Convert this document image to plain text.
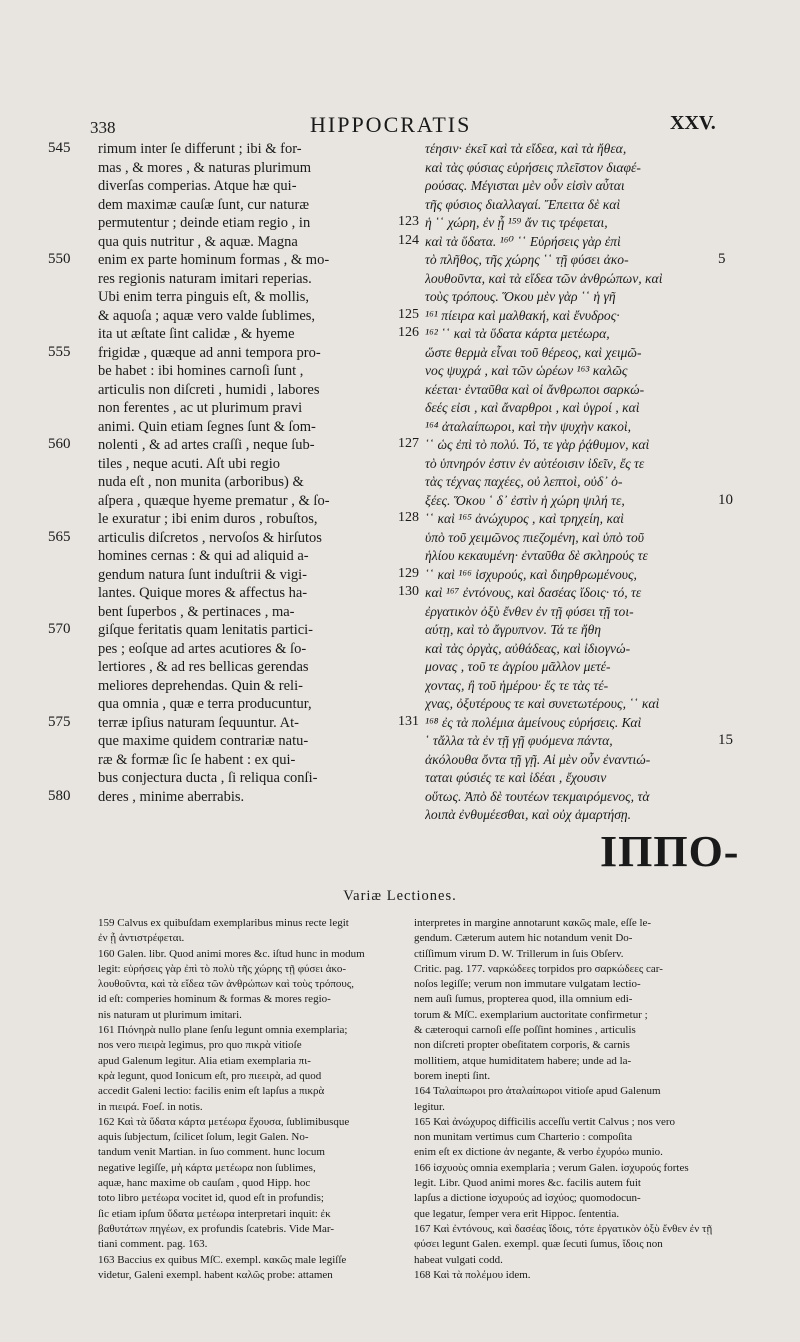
338	HIPPOCRATIS	XXV.
rimum inter ſe differunt ; ibi & for-
mas , & mores , & naturas plurimum
diverſas comperias. Atque hæ qui-
dem maximæ cauſæ ſunt, cur naturæ
permutentur ; deinde etiam regio , in
qua quis nutritur , & aquæ. Magna
enim ex parte hominum formas , & mo-
res regionis naturam imitari reperias.
Ubi enim terra pinguis eſt, & mollis,
& aquoſa ; aquæ vero valde ſublimes,
ita ut æſtate ſint calidæ , & hyeme
frigidæ , quæque ad anni tempora pro-
be habet : ibi homines carnoſi ſunt ,
articulis non diſcreti , humidi , labores
non ferentes , ac ut plurimum pravi
animi. Quin etiam ſegnes ſunt & ſom-
nolenti , & ad artes craſſi , neque ſub-
tiles , neque acuti. Aſt ubi regio
nuda eſt , non munita (arboribus) &
aſpera , quæque hyeme prematur , & ſo-
le exuratur ; ibi enim duros , robuſtos,
articulis diſcretos , nervoſos & hirſutos
homines cernas : & qui ad aliquid a-
gendum natura ſunt induſtrii & vigi-
lantes. Quique mores & affectus ha-
bent ſuperbos , & pertinaces , ma-
giſque feritatis quam lenitatis partici-
pes ; eoſque ad artes acutiores & ſo-
lertiores , & ad res bellicas gerendas
meliores deprehendas. Quin & reli-
qua omnia , quæ e terra producuntur,
terræ ipſius naturam ſequuntur. At-
que maxime quidem contrariæ natu-
ræ & formæ ſic ſe habent : ex qui-
bus conjectura ducta , ſi reliqua conſi-
deres , minime aberrabis.
τέησιν· ἐκεῖ καὶ τὰ εἴδεα, καὶ τὰ ἤθεα,
καὶ τὰς φύσιας εὑρήσεις πλεῖστον διαφέ-
ρούσας. Μέγισται μὲν οὖν εἰσὶν αὗται
τῆς φύσιος διαλλαγαί. Ἔπειτα δὲ καὶ
ἡ ῾῾ χώρη, ἐν ᾗ ¹⁵⁹ ἄν τις τρέφεται,
καὶ τὰ ὕδατα. ¹⁶⁰ ῾῾ Εὑρήσεις γὰρ ἐπὶ
τὸ πλῆθος, τῆς χώρης ῾῾ τῇ φύσει ἀκο-
λουθοῦντα, καὶ τὰ εἴδεα τῶν ἀνθρώπων, καὶ
τοὺς τρόπους. Ὅκου μὲν γὰρ ῾῾ ἡ γῆ
¹⁶¹ πίειρα καὶ μαλθακή, καὶ ἔνυδρος·
¹⁶² ῾῾ καὶ τὰ ὕδατα κάρτα μετέωρα,
ὥστε θερμὰ εἶναι τοῦ θέρεος, καὶ χειμῶ-
νος ψυχρά , καὶ τῶν ὡρέων ¹⁶³ καλῶς
κέεται· ἐνταῦθα καὶ οἱ ἄνθρωποι σαρκώ-
δεές εἰσι , καὶ ἄναρθροι , καὶ ὑγροί , καὶ
¹⁶⁴ ἀταλαίπωροι, καὶ τὴν ψυχὴν κακοὶ,
῾῾ ὡς ἐπὶ τὸ πολύ. Τό, τε γὰρ ῥᾴθυμον, καὶ
τὸ ὑπνηρόν ἐστιν ἐν αὐτέοισιν ἰδεῖν, ἔς τε
τὰς τέχνας παχέες, οὐ λεπτοὶ, οὐδ᾽ ὀ-
ξέες. Ὅκου ῾ δ᾽ ἐστὶν ἡ χώρη ψιλή τε,
῾῾ καὶ ¹⁶⁵ ἀνώχυρος , καὶ τρηχείη, καὶ
ὑπὸ τοῦ χειμῶνος πιεζομένη, καὶ ὑπὸ τοῦ
ἡλίου κεκαυμένη· ἐνταῦθα δὲ σκληρούς τε
῾῾ καὶ ¹⁶⁶ ἰσχυρούς, καὶ διηρθρωμένους,
καὶ ¹⁶⁷ ἐντόνους, καὶ δασέας ἴδοις· τό, τε
ἐργατικὸν ὀξὺ ἔνθεν ἐν τῇ φύσει τῇ τοι-
αύτῃ, καὶ τὸ ἄγρυπνον. Τά τε ἤθη
καὶ τὰς ὀργὰς, αὐθάδεας, καὶ ἰδιογνώ-
μονας , τοῦ τε ἀγρίου μᾶλλον μετέ-
χοντας, ἢ τοῦ ἡμέρου· ἔς τε τὰς τέ-
χνας, ὀξυτέρους τε καὶ συνετωτέρους, ῾῾ καὶ
¹⁶⁸ ἐς τὰ πολέμια ἀμείνους εὑρήσεις. Καὶ
῾ τἄλλα τὰ ἐν τῇ γῇ φυόμενα πάντα,
ἀκόλουθα ὄντα τῇ γῇ. Αἱ μὲν οὖν ἐναντιώ-
ταται φύσιές τε καὶ ἰδέαι , ἔχουσιν
οὕτως. Ἀπὸ δὲ τουτέων τεκμαιρόμενος, τὰ
λοιπὰ ἐνθυμέεσθαι, καὶ οὐχ ἁμαρτήσῃ.
545
550
555
560
565
570
575
580
123
124
125
126
127
128
129
130
131
5
10
15
ΙΠΠΟ-
Variæ Lectiones.
159 Calvus ex quibuſdam exemplaribus minus recte legit
ἐν ᾗ ἀντιστρέφεται.
160 Galen. libr. Quod animi mores &c. iſtud hunc in modum
legit: εὑρήσεις γὰρ ἐπὶ τὸ πολὺ τῆς χώρης τῇ φύσει ἀκο-
λουθοῦντα, καὶ τὰ εἴδεα τῶν ἀνθρώπων καὶ τοὺς τρόπους,
id eſt: comperies hominum & formas & mores regio-
nis naturam ut plurimum imitari.
161 Πιόνηρὰ nullo plane ſenſu legunt omnia exemplaria;
nos vero πιειρὰ legimus, pro quo πικρὰ vitioſe
apud Galenum legitur. Alia etiam exemplaria πι-
κρὰ legunt, quod Ionicum eſt, pro πιεειρὰ, ad quod
accedit Galeni lectio: facilis enim eſt lapſus a πικρὰ
in πιειρά. Foeſ. in notis.
162 Καὶ τὰ ὕδατα κάρτα μετέωρα ἔχουσα, ſublimibusque
aquis ſubjectum, ſcilicet ſolum, legit Galen. No-
tandum venit Martian. in ſuo comment. hunc locum
negative legiſſe, μὴ κάρτα μετέωρα non ſublimes,
aquæ, hanc maxime ob cauſam , quod Hipp. hoc
toto libro μετέωρα vocitet id, quod eſt in profundis;
ſic etiam ipſum ὕδατα μετέωρα interpretari inquit: ἐκ
βαθυτάτων πηγέων, ex profundis ſcatebris. Vide Mar-
tiani comment. pag. 163.
163 Baccius ex quibus MſC. exempl. κακῶς male legiſſe
videtur, Galeni exempl. habent καλῶς probe: attamen
interpretes in margine annotarunt κακῶς male, eſſe le-
gendum. Cæterum autem hic notandum venit Do-
ctiſſimum virum D. W. Trillerum in ſuis Obſerv.
Critic. pag. 177. ναρκώδεες torpidos pro σαρκώδεες car-
noſos legiſſe; verum non immutare vulgatam lectio-
nem auſi ſumus, propterea quod, illa omnium edi-
torum & MſC. exemplarium auctoritate confirmetur ;
& cæteroqui carnoſi eſſe poſſint homines , articulis
non diſcreti propter obeſitatem corporis, & carnis
mollitiem, atque humiditatem habere; unde ad la-
borem inepti ſint.
164 Ταλαίπωροι pro ἀταλαίπωροι vitioſe apud Galenum
legitur.
165 Καὶ ἀνώχυρος difficilis acceſſu vertit Calvus ; nos vero
non munitam vertimus cum Charterio : compoſita
enim eſt ex dictione ἀν negante, & verbo ἐχυρόω munio.
166 ἰσχυοὺς omnia exemplaria ; verum Galen. ἰσχυρούς fortes
legit. Libr. Quod animi mores &c. facilis autem fuit
lapſus a dictione ἰσχυρούς ad ἰσχύος; quomodocun-
que legatur, ſemper vera erit Hippoc. ſententia.
167 Καὶ ἐντόνους, καὶ δασέας ἴδοις, τότε ἐργατικὸν ὀξὺ ἔνθεν ἐν τῇ
φύσει legunt Galen. exempl. quæ ſecuti ſumus, ἴδοις non
habeat vulgati codd.
168 Καὶ τὰ πολέμου idem.
